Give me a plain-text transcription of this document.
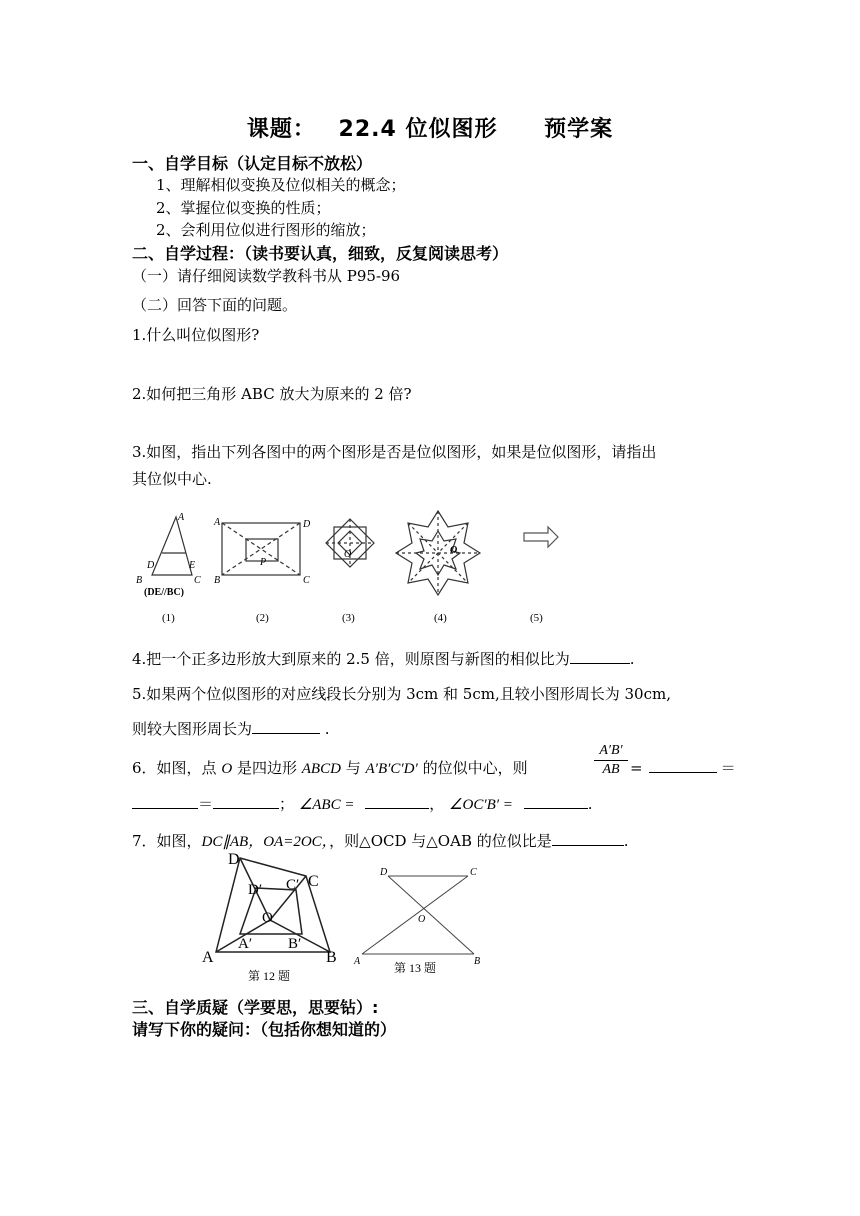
课题： 22.4 位似图形 预学案
一、自学目标（认定目标不放松）
1、理解相似变换及位似相关的概念；
2、掌握位似变换的性质；
2、会利用位似进行图形的缩放；
二、自学过程：（读书要认真，细致，反复阅读思考）
（一）请仔细阅读数学教科书从 P95-96
（二）回答下面的问题。
1.什么叫位似图形?
2.如何把三角形 ABC 放大为原来的 2 倍?
3.如图，指出下列各图中的两个图形是否是位似图形，如果是位似图形，请指出
其位似中心.
A
D	E
B	C
(DE//BC)
A	D
B	C
P
O	O
(1)	(2)	(3)	(4)	(5)
4.把一个正多边形放大到原来的 2.5 倍，则原图与新图的相似比为	.
5.如果两个位似图形的对应线段长分别为 3cm 和 5cm,且较小图形周长为 30cm,
则较大图形周长为	.
6．如图，点 O 是四边形 ABCD 与 A′B′C′D′ 的位似中心，则	$\frac{A'B'}{AB}$ =	＝
＝	； ∠ABC =	， ∠OC′B′ =	.
7．如图，DC∥AB，OA=2OC，，则△OCD 与△OAB 的位似比是	.
D
D′ C′ C
O
A
A′ B′
B
第 12 题
D	C
O
A	B
第 13 题
三、自学质疑（学要思，思要钻）:
请写下你的疑问：（包括你想知道的）
